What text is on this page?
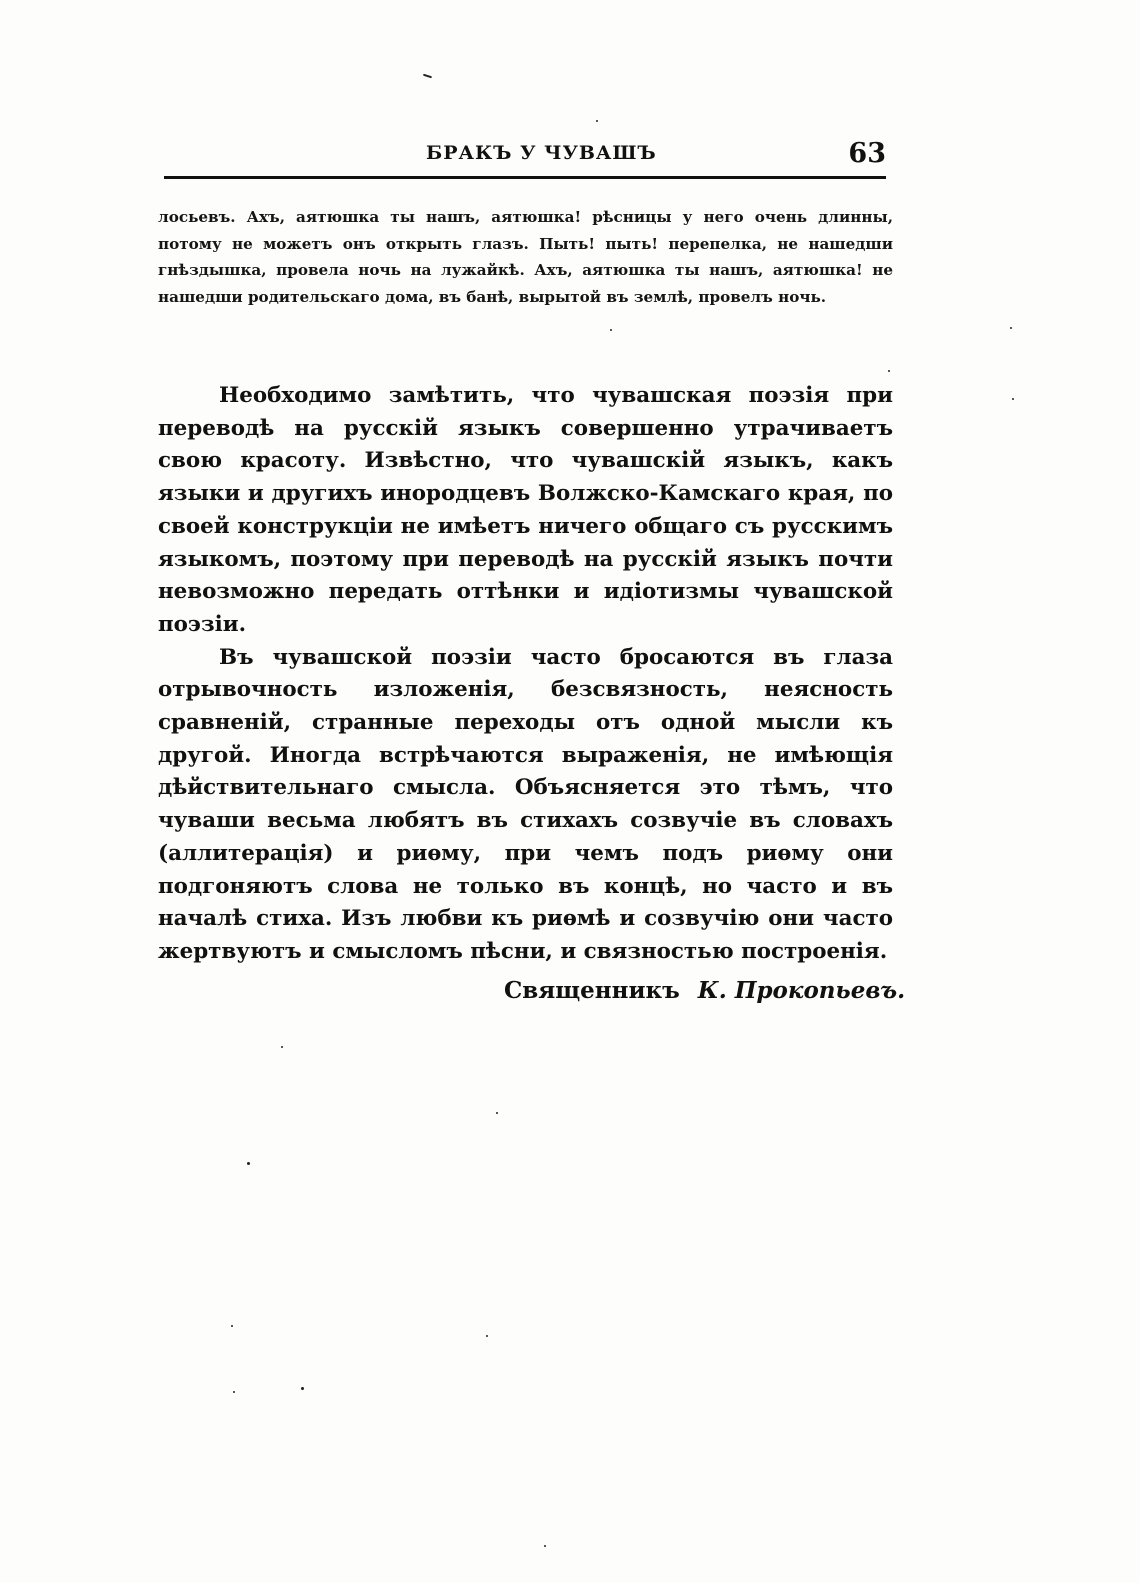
БРАКЪ У ЧУВАШЪ	63
лосьевъ. Ахъ, аятюшка ты нашъ, аятюшка! рѣсницы у него очень длинны, потому не можетъ онъ открыть глазъ. Пыть! пыть! перепелка, не нашедши гнѣздышка, провела ночь на лужайкѣ. Ахъ, аятюшка ты нашъ, аятюшка! не нашедши родительскаго дома, въ банѣ, вырытой въ землѣ, провелъ ночь.

Необходимо замѣтить, что чувашская поэзія при переводѣ на русскій языкъ совершенно утрачиваетъ свою красоту. Извѣстно, что чувашскій языкъ, какъ языки и другихъ инородцевъ Волжско-Камскаго края, по своей конструкціи не имѣетъ ничего общаго съ русскимъ языкомъ, поэтому при переводѣ на русскій языкъ почти невозможно передать оттѣнки и идіотизмы чувашской поэзіи.

Въ чувашской поэзіи часто бросаются въ глаза отрывочность изложенія, безсвязность, неясность сравненій, странные переходы отъ одной мысли къ другой. Иногда встрѣчаются выраженія, не имѣющія дѣйствительнаго смысла. Объясняется это тѣмъ, что чуваши весьма любятъ въ стихахъ созвучіе въ словахъ (аллитерація) и риѳму, при чемъ подъ риѳму они подгоняютъ слова не только въ концѣ, но часто и въ началѣ стиха. Изъ любви къ риѳмѣ и созвучію они часто жертвуютъ и смысломъ пѣсни, и связностью построенія.

Священникъ К. Прокопьевъ.
